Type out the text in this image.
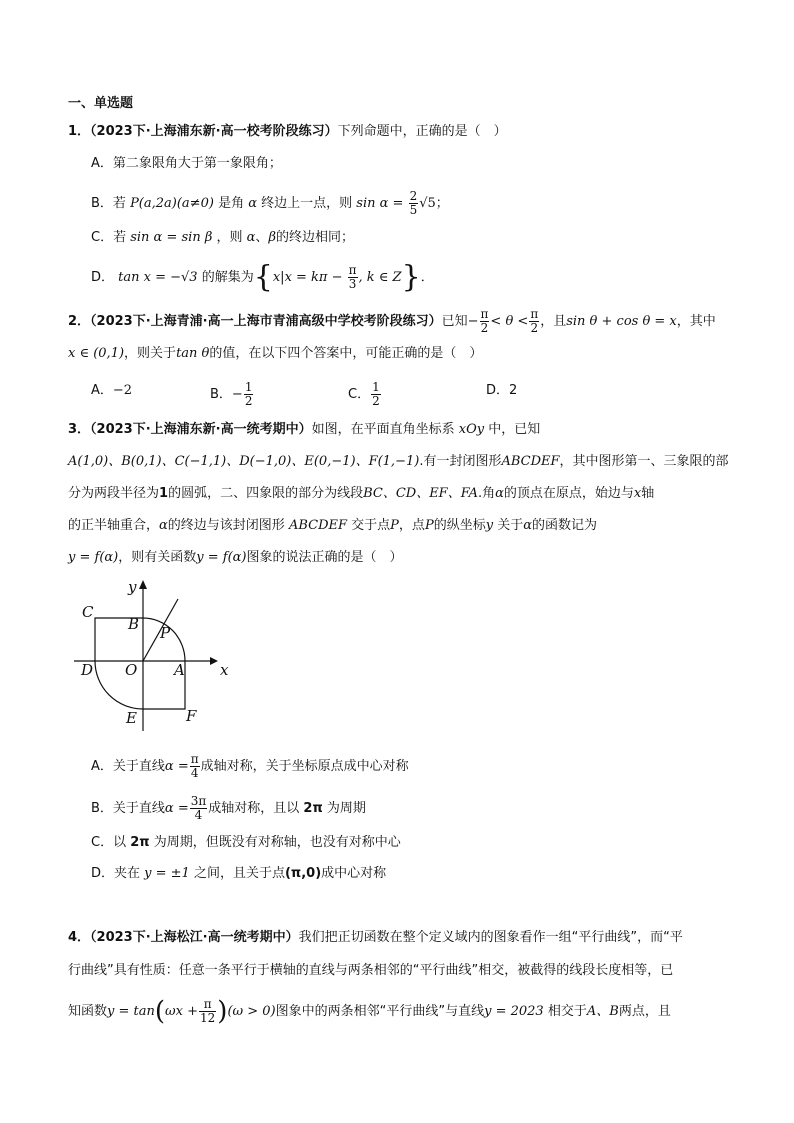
一、单选题
1．（2023下·上海浦东新·高一校考阶段练习）下列命题中，正确的是（　）
A．第二象限角大于第一象限角；
B．若 P(a,2a)(a≠0) 是角 α 终边上一点，则 $\sin \alpha = \frac{2}{5} √5$；
C．若 sin α = sin β ，则 α、β的终边相同；
D． tan x = −√3 的解集为{$x|x = k\pi - \frac{\pi}{3}$ , k ∈ Z}．
2．（2023下·上海青浦·高一上海市青浦高级中学校考阶段练习）已知− $\frac{\pi}{2} < \theta < \frac{\pi}{2}$ ，且sin θ + cos θ = x，其中
x ∈ (0,1)，则关于tan θ的值，在以下四个答案中，可能正确的是（　）
A．−2	B．− $\frac{1}{2}$	C． $\frac{1}{2}$	D．2
3．（2023下·上海浦东新·高一统考期中）如图，在平面直角坐标系 xOy 中，已知
A(1,0)、B(0,1)、C(−1,1)、D(−1,0)、E(0,−1)、F(1,−1).有一封闭图形ABCDEF，其中图形第一、三象限的部
分为两段半径为1的圆弧，二、四象限的部分为线段BC、CD、EF、FA.角α的顶点在原点，始边与x轴
的正半轴重合，α的终边与该封闭图形 ABCDEF 交于点P，点P的纵坐标y 关于α的函数记为
y = f(α)，则有关函数y = f(α)图象的说法正确的是（　）
y
x
C
B P
D O A
E	F
A．关于直线$\alpha = \frac{\pi}{4}$ 成轴对称，关于坐标原点成中心对称
B．关于直线$\alpha = \frac{3\pi}{4}$ 成轴对称，且以 2π 为周期
C．以 2π 为周期，但既没有对称轴，也没有对称中心
D．夹在 y = ±1 之间，且关于点(π,0)成中心对称
4．（2023下·上海松江·高一统考期中）我们把正切函数在整个定义域内的图象看作一组“平行曲线”，而“平
行曲线”具有性质：任意一条平行于横轴的直线与两条相邻的“平行曲线”相交，被截得的线段长度相等，已
知函数$y = \tan(\omega x + \frac{\pi}{12} )(\omega > 0)$图象中的两条相邻“平行曲线”与直线y = 2023 相交于A、B两点，且
